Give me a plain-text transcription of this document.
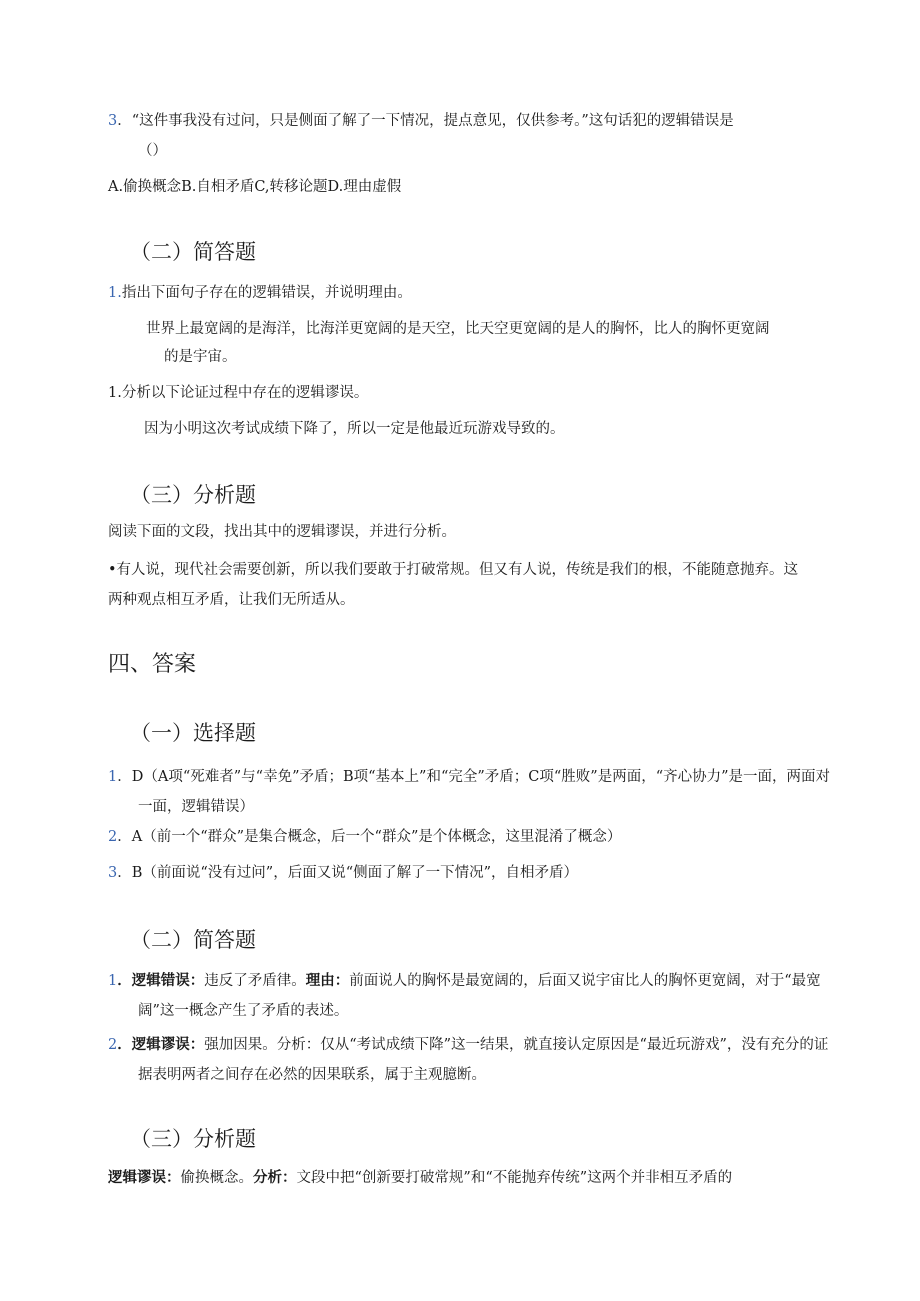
3．“这件事我没有过问，只是侧面了解了一下情况，提点意见，仅供参考。”这句话犯的逻辑错误是

（）

A.偷换概念B.自相矛盾C,转移论题D.理由虚假

（二）简答题

1.指出下面句子存在的逻辑错误，并说明理由。

世界上最宽阔的是海洋，比海洋更宽阔的是天空，比天空更宽阔的是人的胸怀，比人的胸怀更宽阔

的是宇宙。

1.分析以下论证过程中存在的逻辑谬误。

因为小明这次考试成绩下降了，所以一定是他最近玩游戏导致的。

（三）分析题

阅读下面的文段，找出其中的逻辑谬误，并进行分析。

•有人说，现代社会需要创新，所以我们要敢于打破常规。但又有人说，传统是我们的根，不能随意抛弃。这两种观点相互矛盾，让我们无所适从。

四、答案
（一）选择题

1．D（A项“死难者”与“幸免”矛盾；B项“基本上”和“完全”矛盾；C项“胜败”是两面，“齐心协力”是一面，两面对一面，逻辑错误）

2．A（前一个“群众”是集合概念，后一个“群众”是个体概念，这里混淆了概念）

3．B（前面说“没有过问”，后面又说“侧面了解了一下情况”，自相矛盾）

（二）简答题

1．逻辑错误：违反了矛盾律。理由：前面说人的胸怀是最宽阔的，后面又说宇宙比人的胸怀更宽阔，对于“最宽阔”这一概念产生了矛盾的表述。

2．逻辑谬误：强加因果。分析：仅从“考试成绩下降”这一结果，就直接认定原因是“最近玩游戏”，没有充分的证据表明两者之间存在必然的因果联系，属于主观臆断。

（三）分析题

逻辑谬误：偷换概念。分析：文段中把“创新要打破常规”和“不能抛弃传统”这两个并非相互矛盾的
